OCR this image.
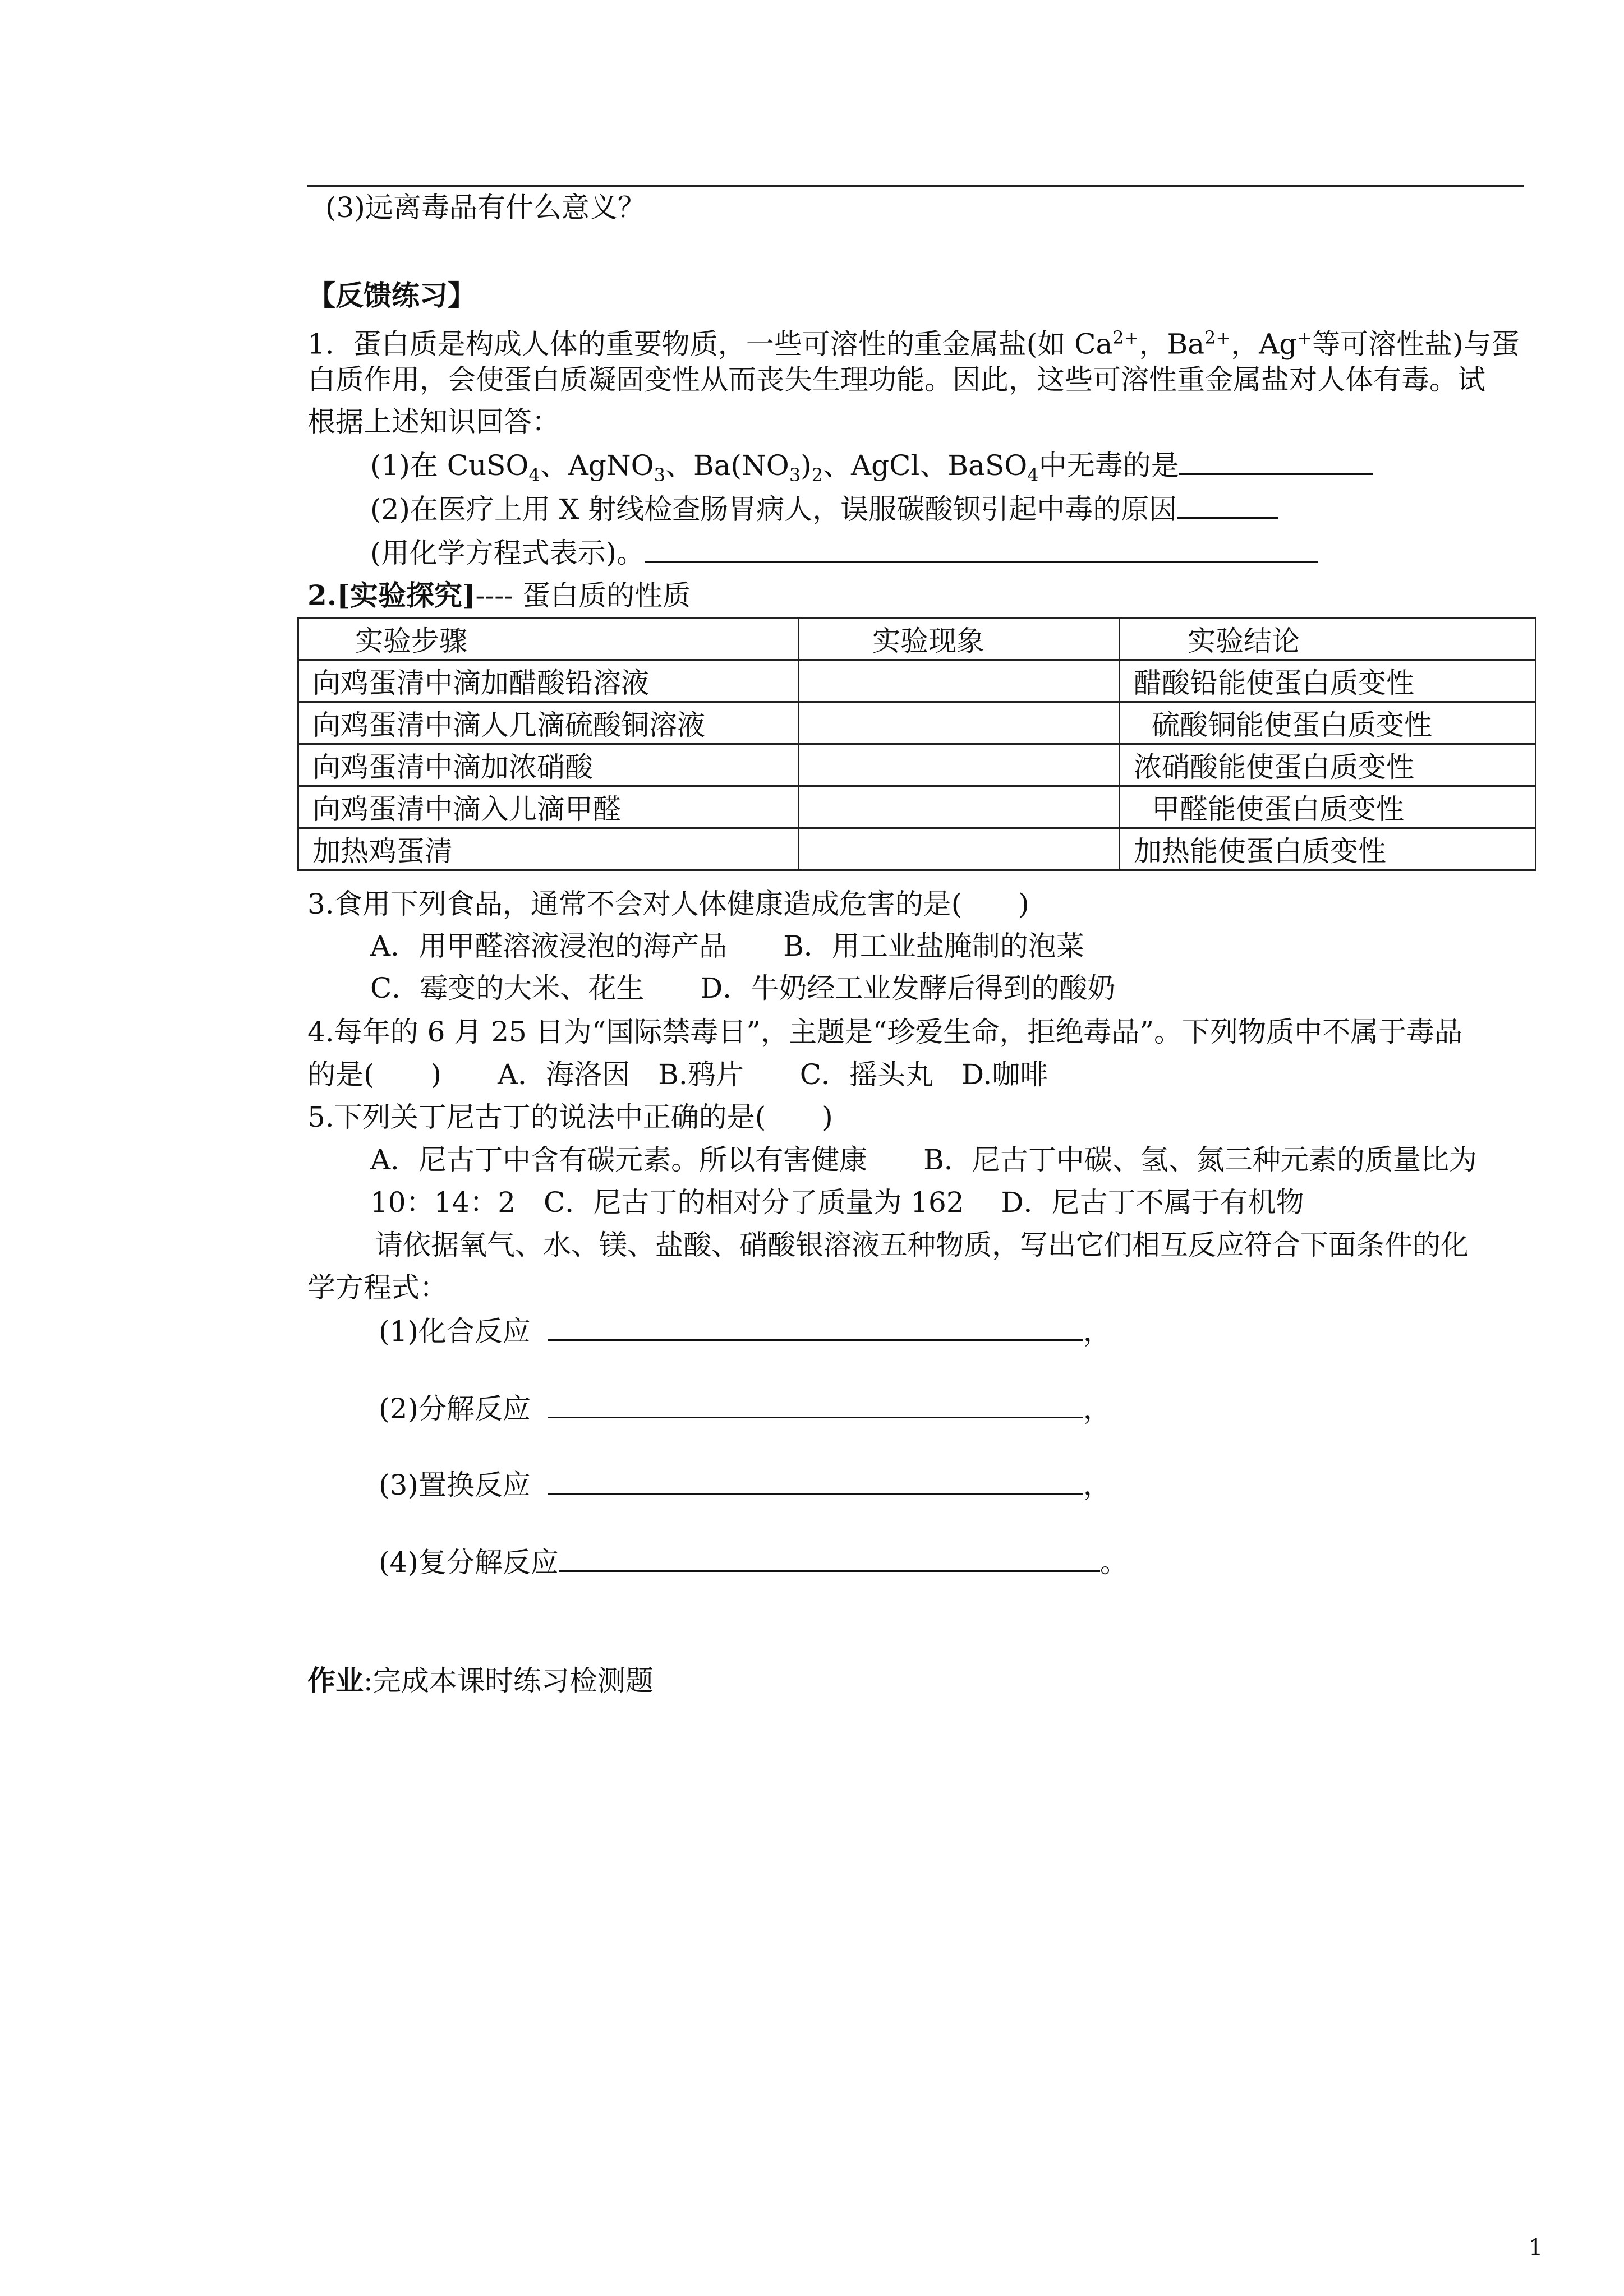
(3)远离毒品有什么意义？
【反馈练习】
1．蛋白质是构成人体的重要物质，一些可溶性的重金属盐(如 $Ca^{2+}$，$Ba^{2+}$，Ag+等可溶性盐)与蛋
白质作用，会使蛋白质凝固变性从而丧失生理功能。因此，这些可溶性重金属盐对人体有毒。试
根据上述知识回答：
(1)在 CuSO$_4$、AgNO$_3$、$Ba(NO_3)_2$、AgCl、BaSO$_4$中无毒的是
(2)在医疗上用 X 射线检查肠胃病人，误服碳酸钡引起中毒的原因
(用化学方程式表示)。
2.[实验探究]---- 蛋白质的性质
实验步骤	实验现象	实验结论
向鸡蛋清中滴加醋酸铅溶液		醋酸铅能使蛋白质变性
向鸡蛋清中滴人几滴硫酸铜溶液		硫酸铜能使蛋白质变性
向鸡蛋清中滴加浓硝酸		浓硝酸能使蛋白质变性
向鸡蛋清中滴入儿滴甲醛		甲醛能使蛋白质变性
加热鸡蛋清		加热能使蛋白质变性
3.食用下列食品，通常不会对人体健康造成危害的是(　　)
A．用甲醛溶液浸泡的海产品　　B．用工业盐腌制的泡菜
C．霉变的大米、花生　　D．牛奶经工业发酵后得到的酸奶
4.每年的 6 月 25 日为“国际禁毒日”，主题是“珍爱生命，拒绝毒品”。下列物质中不属于毒品
的是(　　)　　A．海洛因　B.鸦片　　C．摇头丸　D.咖啡
5.下列关丁尼古丁的说法中正确的是(　　)
A．尼古丁中含有碳元素。所以有害健康　　B．尼古丁中碳、氢、氮三种元素的质量比为
10：14：2　C．尼古丁的相对分了质量为 162　 D．尼古丁不属于有机物
请依据氧气、水、镁、盐酸、硝酸银溶液五种物质，写出它们相互反应符合下面条件的化
学方程式：
(1)化合反应	，
(2)分解反应	，
(3)置换反应	，
(4)复分解反应	。
作业:完成本课时练习检测题
1
